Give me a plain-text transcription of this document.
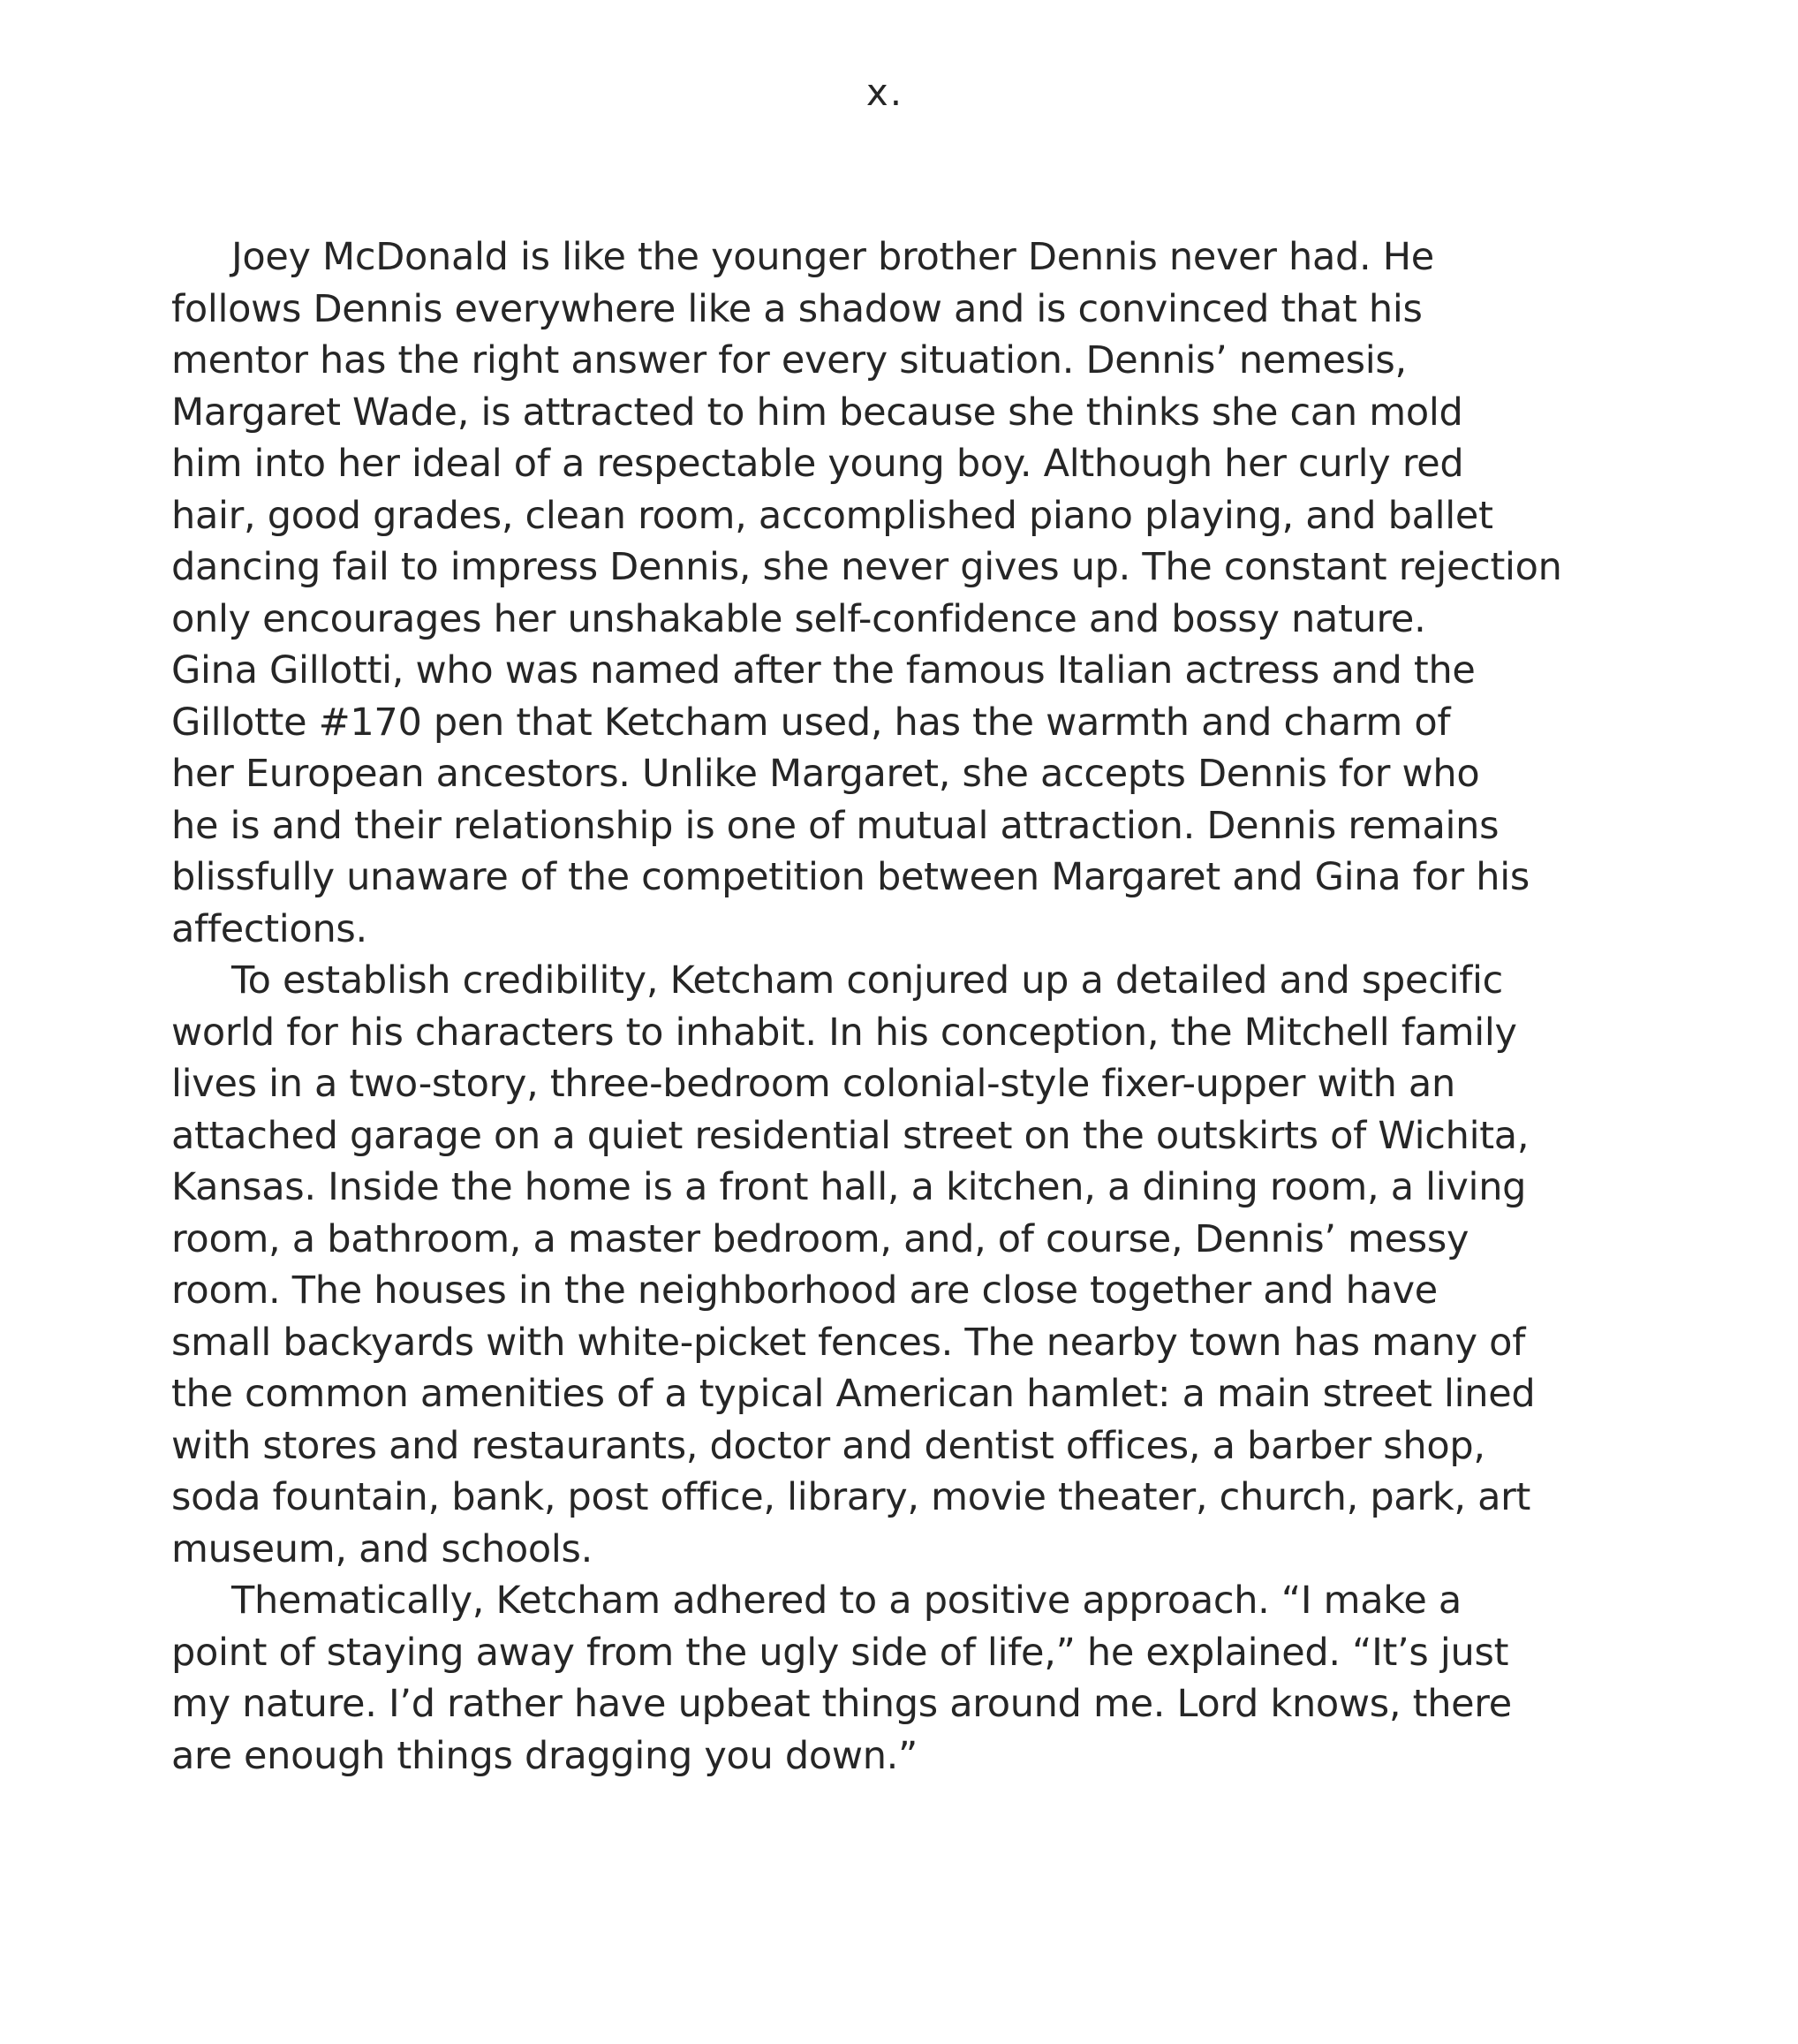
x.
Joey McDonald is like the younger brother Dennis never had. He
follows Dennis everywhere like a shadow and is convinced that his
mentor has the right answer for every situation. Dennis’ nemesis,
Margaret Wade, is attracted to him because she thinks she can mold
him into her ideal of a respectable young boy. Although her curly red
hair, good grades, clean room, accomplished piano playing, and ballet
dancing fail to impress Dennis, she never gives up. The constant rejection
only encourages her unshakable self-confidence and bossy nature.
Gina Gillotti, who was named after the famous Italian actress and the
Gillotte #170 pen that Ketcham used, has the warmth and charm of
her European ancestors. Unlike Margaret, she accepts Dennis for who
he is and their relationship is one of mutual attraction. Dennis remains
blissfully unaware of the competition between Margaret and Gina for his
affections.
To establish credibility, Ketcham conjured up a detailed and specific
world for his characters to inhabit. In his conception, the Mitchell family
lives in a two-story, three-bedroom colonial-style fixer-upper with an
attached garage on a quiet residential street on the outskirts of Wichita,
Kansas. Inside the home is a front hall, a kitchen, a dining room, a living
room, a bathroom, a master bedroom, and, of course, Dennis’ messy
room. The houses in the neighborhood are close together and have
small backyards with white-picket fences. The nearby town has many of
the common amenities of a typical American hamlet: a main street lined
with stores and restaurants, doctor and dentist offices, a barber shop,
soda fountain, bank, post office, library, movie theater, church, park, art
museum, and schools.
Thematically, Ketcham adhered to a positive approach. “I make a
point of staying away from the ugly side of life,” he explained. “It’s just
my nature. I’d rather have upbeat things around me. Lord knows, there
are enough things dragging you down.”
